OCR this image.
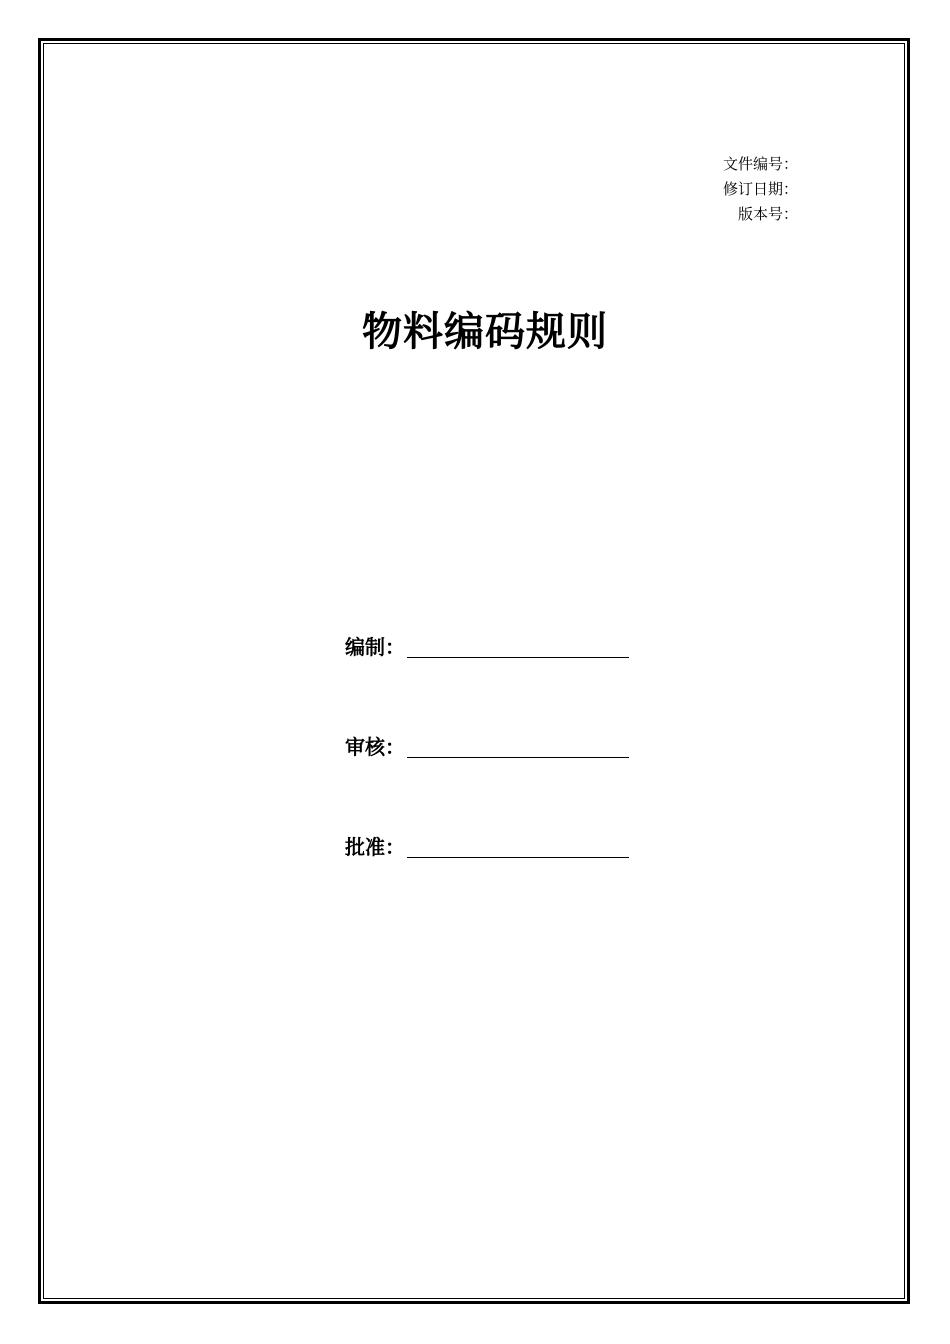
文件编号：
修订日期：
版本号：
物料编码规则
编制：
审核：
批准：
